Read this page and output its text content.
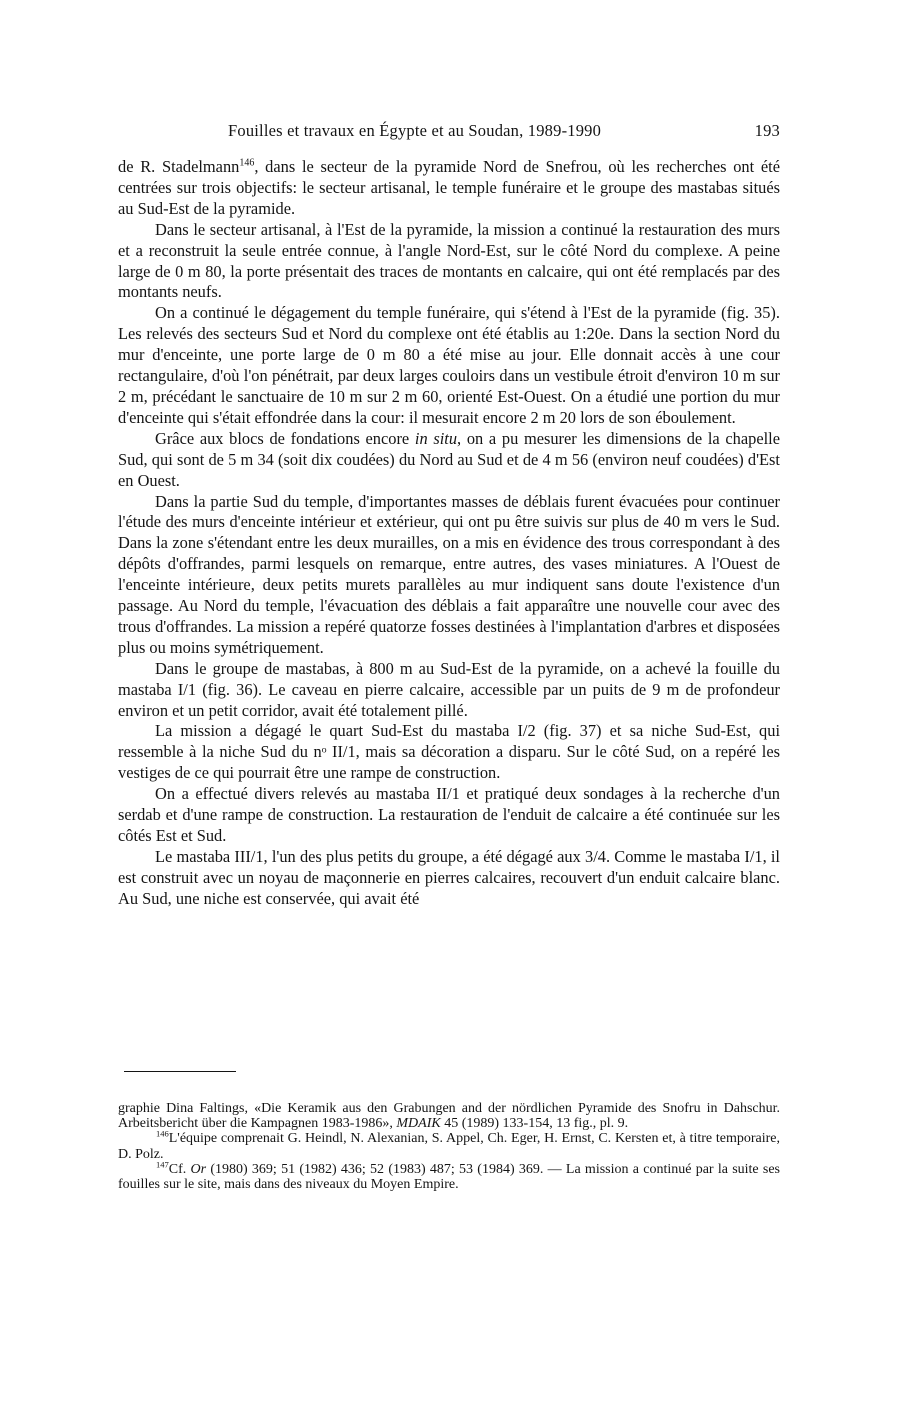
Fouilles et travaux en Égypte et au Soudan, 1989-1990	193

de R. Stadelmann$^{146}$, dans le secteur de la pyramide Nord de Snefrou, où les recherches ont été centrées sur trois objectifs: le secteur artisanal, le temple funéraire et le groupe des mastabas situés au Sud-Est de la pyramide.

Dans le secteur artisanal, à l'Est de la pyramide, la mission a continué la restauration des murs et a reconstruit la seule entrée connue, à l'angle Nord-Est, sur le côté Nord du complexe. A peine large de 0 m 80, la porte présentait des traces de montants en calcaire, qui ont été remplacés par des montants neufs.

On a continué le dégagement du temple funéraire, qui s'étend à l'Est de la pyramide (fig. 35). Les relevés des secteurs Sud et Nord du complexe ont été établis au 1:20e. Dans la section Nord du mur d'enceinte, une porte large de 0 m 80 a été mise au jour. Elle donnait accès à une cour rectangulaire, d'où l'on pénétrait, par deux larges couloirs dans un vestibule étroit d'environ 10 m sur 2 m, précédant le sanctuaire de 10 m sur 2 m 60, orienté Est-Ouest. On a étudié une portion du mur d'enceinte qui s'était effondrée dans la cour: il mesurait encore 2 m 20 lors de son éboulement.

Grâce aux blocs de fondations encore in situ, on a pu mesurer les dimensions de la chapelle Sud, qui sont de 5 m 34 (soit dix coudées) du Nord au Sud et de 4 m 56 (environ neuf coudées) d'Est en Ouest.

Dans la partie Sud du temple, d'importantes masses de déblais furent évacuées pour continuer l'étude des murs d'enceinte intérieur et extérieur, qui ont pu être suivis sur plus de 40 m vers le Sud. Dans la zone s'étendant entre les deux murailles, on a mis en évidence des trous correspondant à des dépôts d'offrandes, parmi lesquels on remarque, entre autres, des vases miniatures. A l'Ouest de l'enceinte intérieure, deux petits murets parallèles au mur indiquent sans doute l'existence d'un passage. Au Nord du temple, l'évacuation des déblais a fait apparaître une nouvelle cour avec des trous d'offrandes. La mission a repéré quatorze fosses destinées à l'implantation d'arbres et disposées plus ou moins symétriquement.

Dans le groupe de mastabas, à 800 m au Sud-Est de la pyramide, on a achevé la fouille du mastaba I/1 (fig. 36). Le caveau en pierre calcaire, accessible par un puits de 9 m de profondeur environ et un petit corridor, avait été totalement pillé.

La mission a dégagé le quart Sud-Est du mastaba I/2 (fig. 37) et sa niche Sud-Est, qui ressemble à la niche Sud du nᵒ II/1, mais sa décoration a disparu. Sur le côté Sud, on a repéré les vestiges de ce qui pourrait être une rampe de construction.

On a effectué divers relevés au mastaba II/1 et pratiqué deux sondages à la recherche d'un serdab et d'une rampe de construction. La restauration de l'enduit de calcaire a été continuée sur les côtés Est et Sud.

Le mastaba III/1, l'un des plus petits du groupe, a été dégagé aux 3/4. Comme le mastaba I/1, il est construit avec un noyau de maçonnerie en pierres calcaires, recouvert d'un enduit calcaire blanc. Au Sud, une niche est conservée, qui avait été

graphie Dina Faltings, «Die Keramik aus den Grabungen and der nördlichen Pyramide des Snofru in Dahschur. Arbeitsbericht über die Kampagnen 1983-1986», MDAIK 45 (1989) 133-154, 13 fig., pl. 9.

$^{146}$L'équipe comprenait G. Heindl, N. Alexanian, S. Appel, Ch. Eger, H. Ernst, C. Kersten et, à titre temporaire, D. Polz.

$^{147}$Cf. Or (1980) 369; 51 (1982) 436; 52 (1983) 487; 53 (1984) 369. — La mission a continué par la suite ses fouilles sur le site, mais dans des niveaux du Moyen Empire.
